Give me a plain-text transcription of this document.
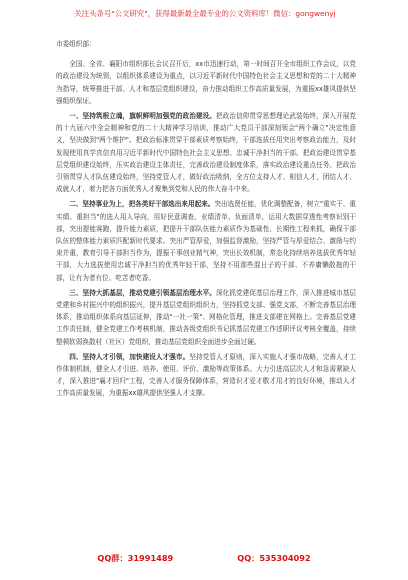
关注头条号"公文研究"，获得最新最全最专业的公文资料库！微信：gongwenyj

市委组织部：

全国、全省、襄阳市组织部长会议召开后，xx市迅速行动，第一时间召开全市组织工作会议，以党的政治建设为统领，以组织体系建设为重点，以习近平新时代中国特色社会主义思想和党的二十大精神为指导，统筹推进干部、人才和基层党组织建设，奋力推动组织工作高质量发展，为重振xx雄风提供坚强组织保证。

一、坚持筑根立魂，旗帜鲜明加强党的政治建设。把政治信仰贯穿思想理论武装始终，深入开展党的十九届六中全会精神和党的二十大精神学习培训，推动广大党员干部深刻领会"两个确立"决定性意义，坚决做到"两个维护"。把政治标准贯穿干部素质考察始终，干部选拔任用突出考察政治能力，及时发现使用真学真信真用习近平新时代中国特色社会主义思想、忠诚干净担当的干部。把政治建设贯穿基层党组织建设始终，压实政治建设主体责任，完善政治建设制度体系，落实政治建设重点任务。把政治引领贯穿人才队伍建设始终，坚持党管人才，做好政治吸纳，全方位支持人才、相信人才，团结人才、成就人才，着力把各方面优秀人才聚集到党和人民的伟大奋斗中来。

二、坚持事业为上，把各类好干部选出来用起来。突出选贤任能，优化调整配备，树立"重实干、重实绩、重担当"的选人用人导向，用好民意调查、业绩清单、负面清单，运用大数据穿透性考察识别干部，突出提能赛跑，提升能力素质，把提升干部队伍能力素质作为基础性、长期性工程来抓，确保干部队伍的整体能力素质匹配新时代要求。突出严管厚爱，加强监督激励，坚持严管与厚爱结合、激励与约束并重，教育引导干部担当作为，提振干事创业精气神，突出长效机制，常态化持续培养选拔优秀年轻干部，大力选拔使用忠诚干净担当的优秀年轻干部，坚持不用那些混日子的干部、不养庸懒散拖的干部，让有为者有位、吃苦者吃香。

三、坚持大抓基层，推动党建引领基层治理水平。深化抓党建促基层治理工作，深入推进城市基层党建和乡村振兴中的组织振兴，提升基层党组织组织力，坚持抓党支部、强党支部，不断完善基层治理体系，推动组织体系向基层延伸，推动"一社一策"、网格化管理，推进支部建在网格上。完善基层党建工作责任制，健全党建工作考核机制，推动各级党组织书记抓基层党建工作述职评议考核全覆盖，持续整顿软弱涣散村（社区）党组织，推动基层党组织全面进步全面过硬。

四、坚持人才引领，加快建设人才强市。坚持党管人才原则，深入实施人才强市战略，完善人才工作体制机制，健全人才引进、培养、使用、评价、激励等政策体系。大力引进高层次人才和急需紧缺人才，深入推进"襄才回归"工程，完善人才服务保障体系，营造识才爱才敬才用才的良好环境，推动人才工作高质量发展，为重振xx雄风提供坚强人才支撑。

QQ群：31991489	QQ：535304092
